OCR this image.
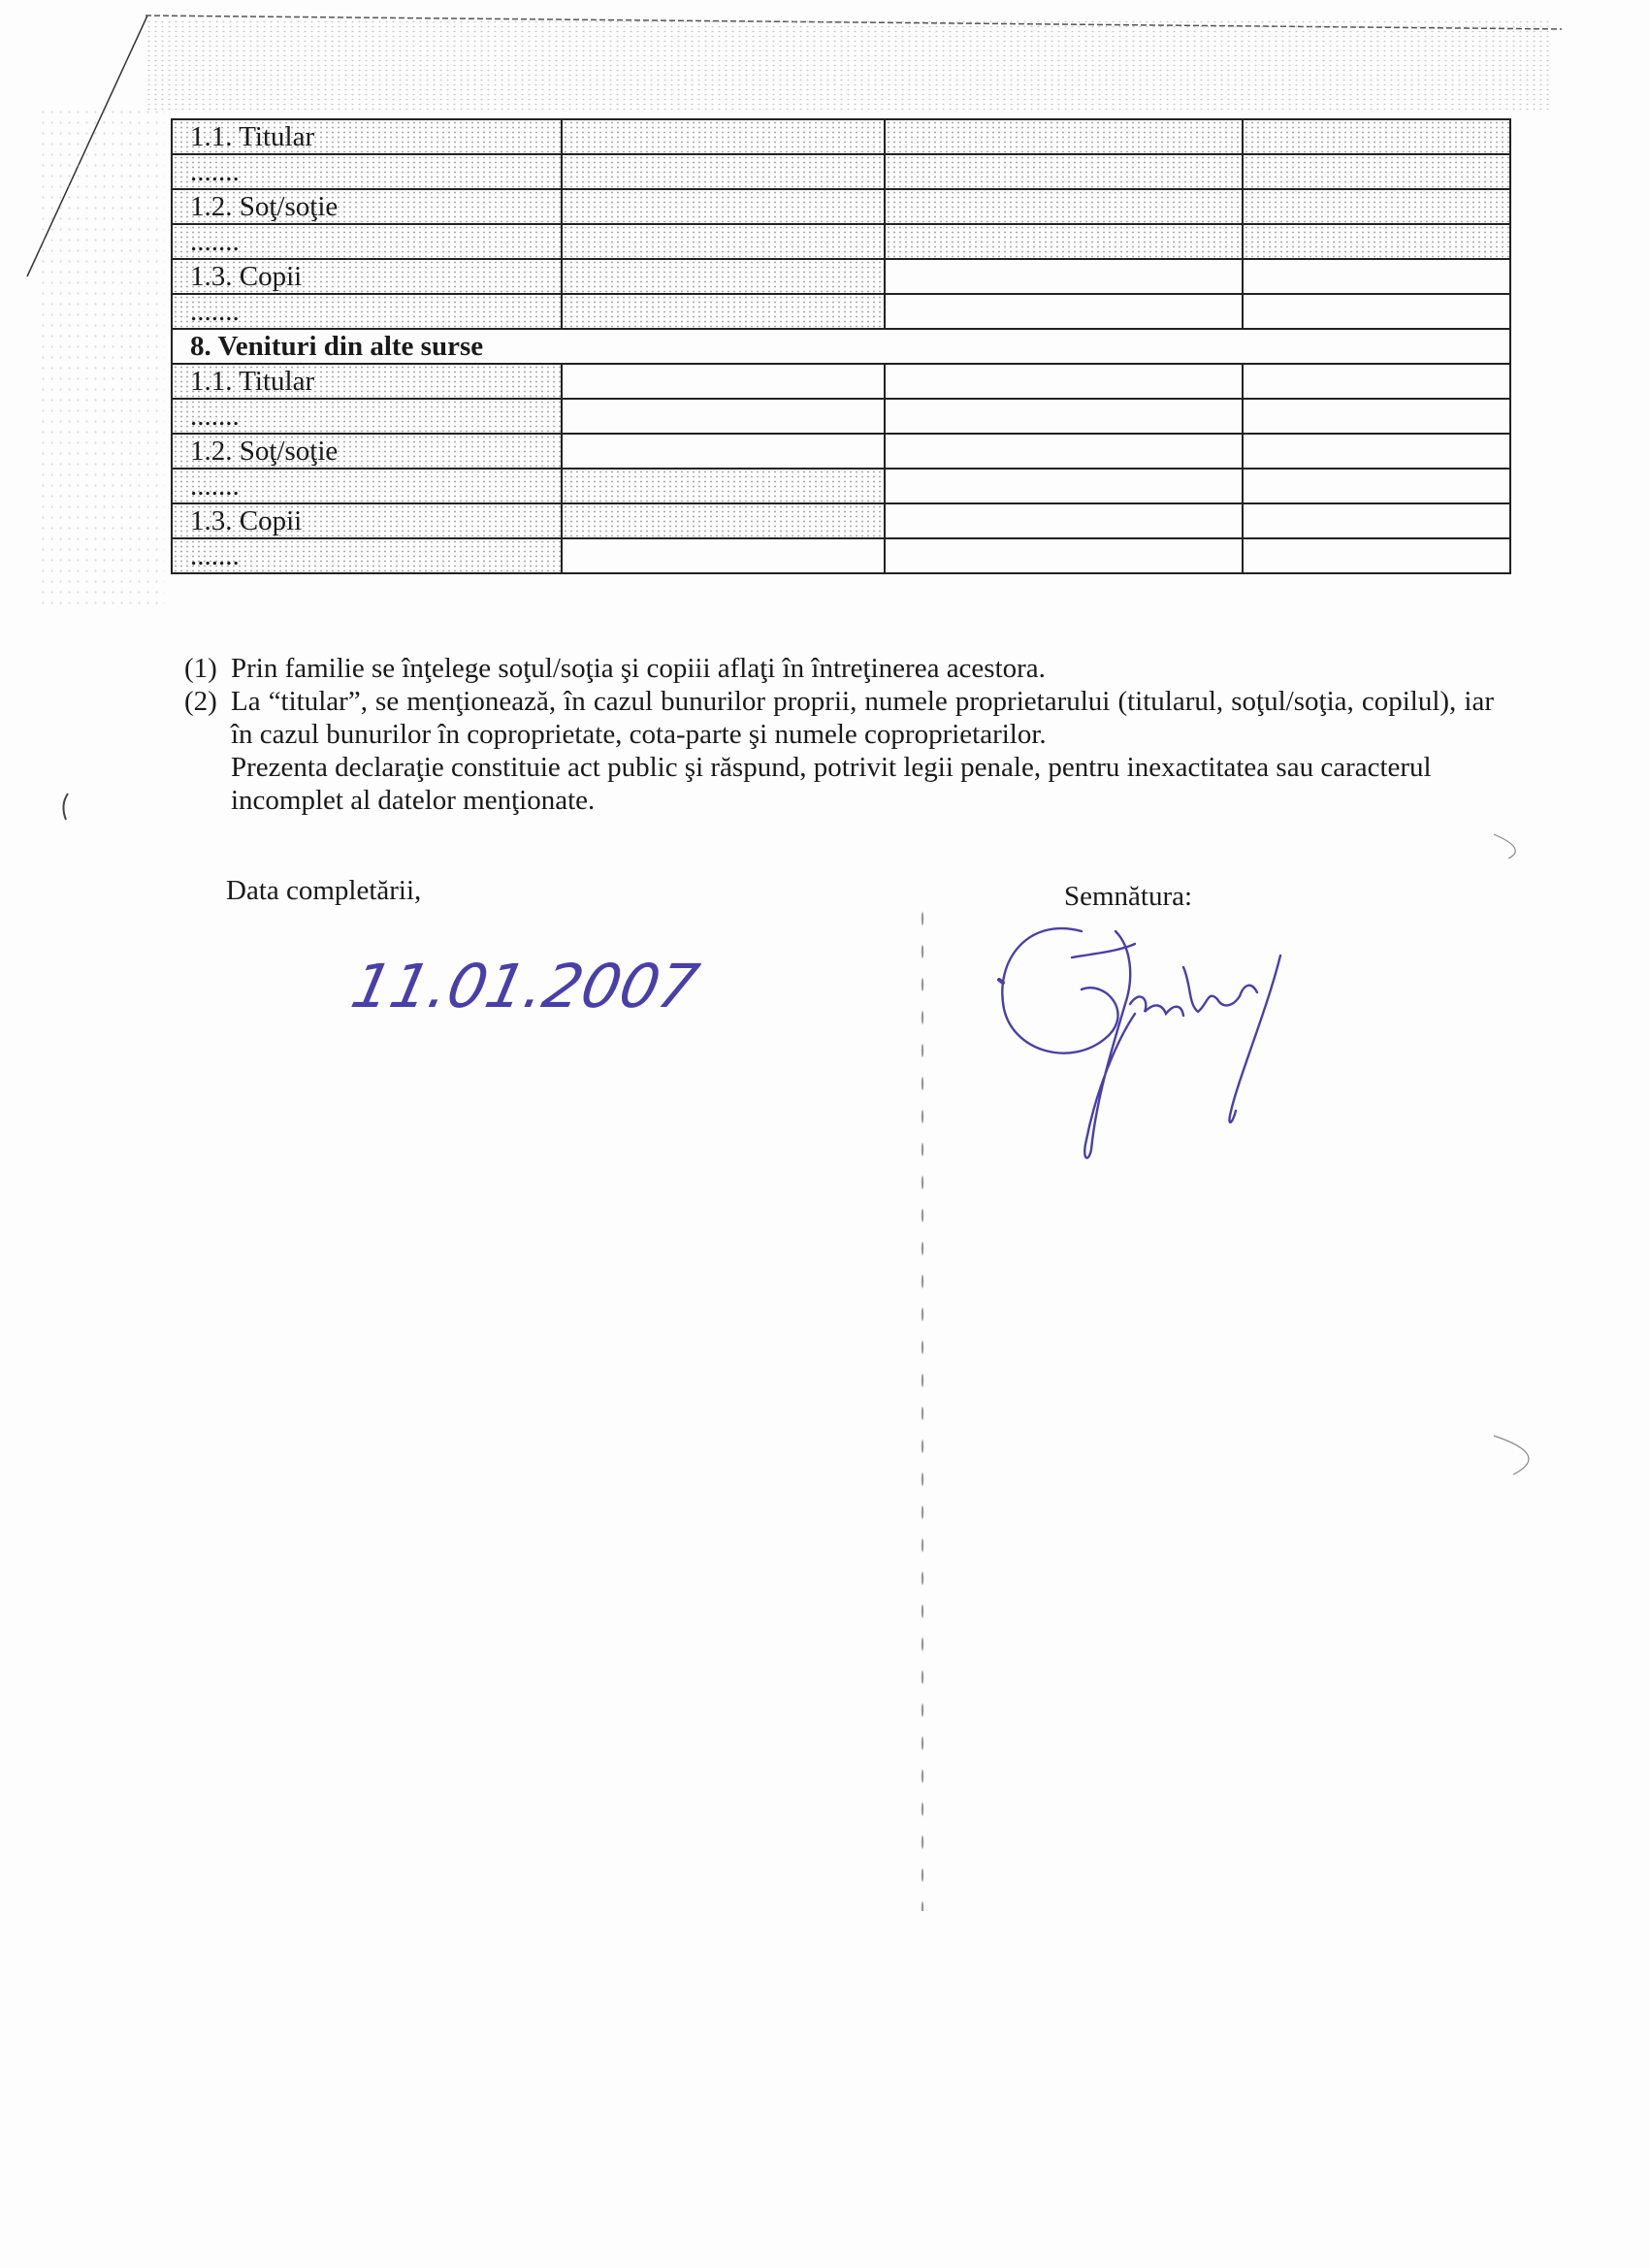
1.1. Titular			
.......			
1.2. Soţ/soţie			
.......			
1.3. Copii			
.......			
8. Venituri din alte surse			
1.1. Titular			
.......			
1.2. Soţ/soţie			
.......			
1.3. Copii			
.......			
(1) Prin familie se înţelege soţul/soţia şi copiii aflaţi în întreţinerea acestora.
(2) La “titular”, se menţionează, în cazul bunurilor proprii, numele proprietarului (titularul, soţul/soţia, copilul), iar în cazul bunurilor în coproprietate, cota-parte şi numele coproprietarilor.
Prezenta declaraţie constituie act public şi răspund, potrivit legii penale, pentru inexactitatea sau caracterul incomplet al datelor menţionate.
Data completării,	Semnătura:
11.01.2007
